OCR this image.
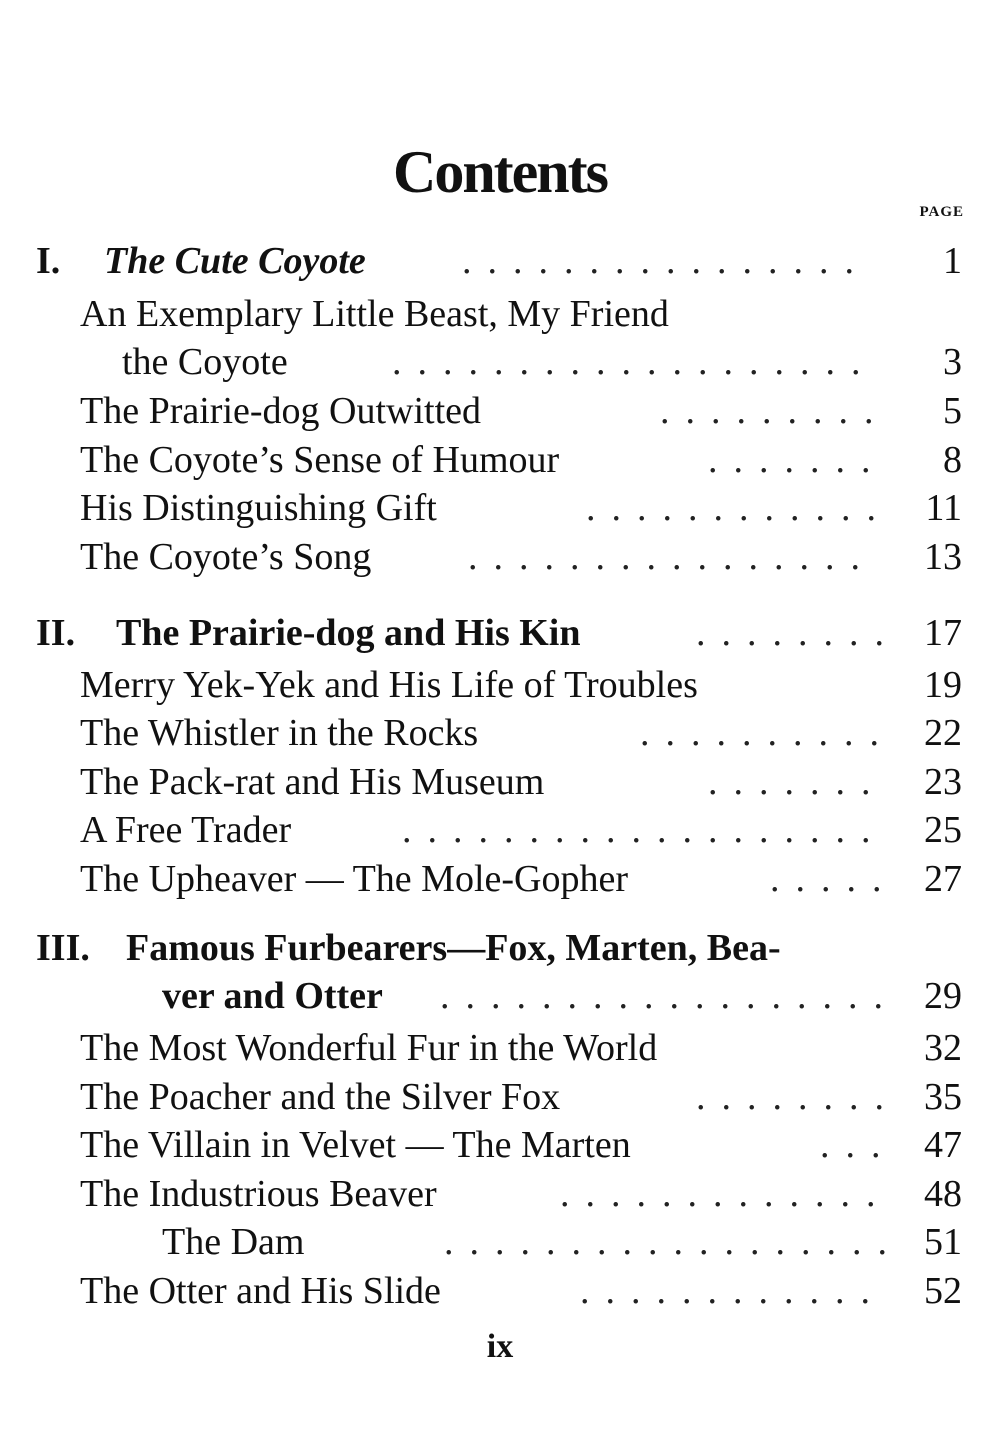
Contents
PAGE
I. The Cute Coyote	................ 1
An Exemplary Little Beast, My Friend
the Coyote	................... 3
The Prairie-dog Outwitted	......... 5
The Coyote’s Sense of Humour	....... 8
His Distinguishing Gift	............ 11
The Coyote’s Song	................ 13
II. The Prairie-dog and His Kin	........ 17
Merry Yek-Yek and His Life of Troubles	19
The Whistler in the Rocks	.......... 22
The Pack-rat and His Museum	....... 23
A Free Trader	................... 25
The Upheaver — The Mole-Gopher	..... 27
III. Famous Furbearers—Fox, Marten, Bea-
ver and Otter .................. 29
The Most Wonderful Fur in the World	32
The Poacher and the Silver Fox	........ 35
The Villain in Velvet — The Marten	... 47
The Industrious Beaver	............. 48
The Dam	.................. 51
The Otter and His Slide	............ 52
ix
